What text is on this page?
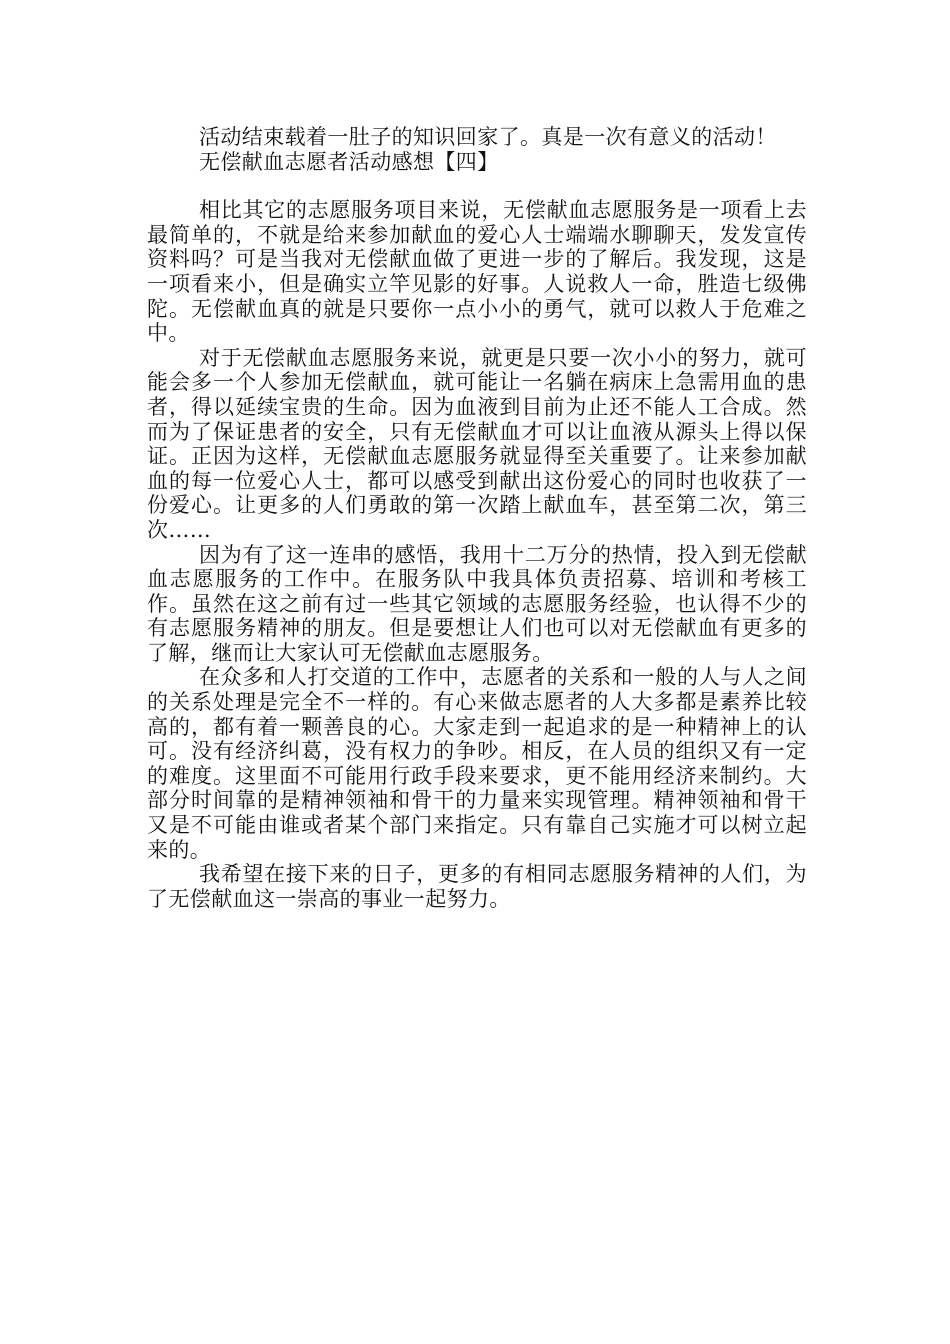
活动结束载着一肚子的知识回家了。真是一次有意义的活动！

无偿献血志愿者活动感想【四】

相比其它的志愿服务项目来说，无偿献血志愿服务是一项看上去最简单的，不就是给来参加献血的爱心人士端端水聊聊天，发发宣传资料吗？可是当我对无偿献血做了更进一步的了解后。我发现，这是一项看来小，但是确实立竿见影的好事。人说救人一命，胜造七级佛陀。无偿献血真的就是只要你一点小小的勇气，就可以救人于危难之中。

对于无偿献血志愿服务来说，就更是只要一次小小的努力，就可能会多一个人参加无偿献血，就可能让一名躺在病床上急需用血的患者，得以延续宝贵的生命。因为血液到目前为止还不能人工合成。然而为了保证患者的安全，只有无偿献血才可以让血液从源头上得以保证。正因为这样，无偿献血志愿服务就显得至关重要了。让来参加献血的每一位爱心人士，都可以感受到献出这份爱心的同时也收获了一份爱心。让更多的人们勇敢的第一次踏上献血车，甚至第二次，第三次……

因为有了这一连串的感悟，我用十二万分的热情，投入到无偿献血志愿服务的工作中。在服务队中我具体负责招募、培训和考核工作。虽然在这之前有过一些其它领域的志愿服务经验，也认得不少的有志愿服务精神的朋友。但是要想让人们也可以对无偿献血有更多的了解，继而让大家认可无偿献血志愿服务。

在众多和人打交道的工作中，志愿者的关系和一般的人与人之间的关系处理是完全不一样的。有心来做志愿者的人大多都是素养比较高的，都有着一颗善良的心。大家走到一起追求的是一种精神上的认可。没有经济纠葛，没有权力的争吵。相反，在人员的组织又有一定的难度。这里面不可能用行政手段来要求，更不能用经济来制约。大部分时间靠的是精神领袖和骨干的力量来实现管理。精神领袖和骨干又是不可能由谁或者某个部门来指定。只有靠自己实施才可以树立起来的。

我希望在接下来的日子，更多的有相同志愿服务精神的人们，为了无偿献血这一崇高的事业一起努力。
